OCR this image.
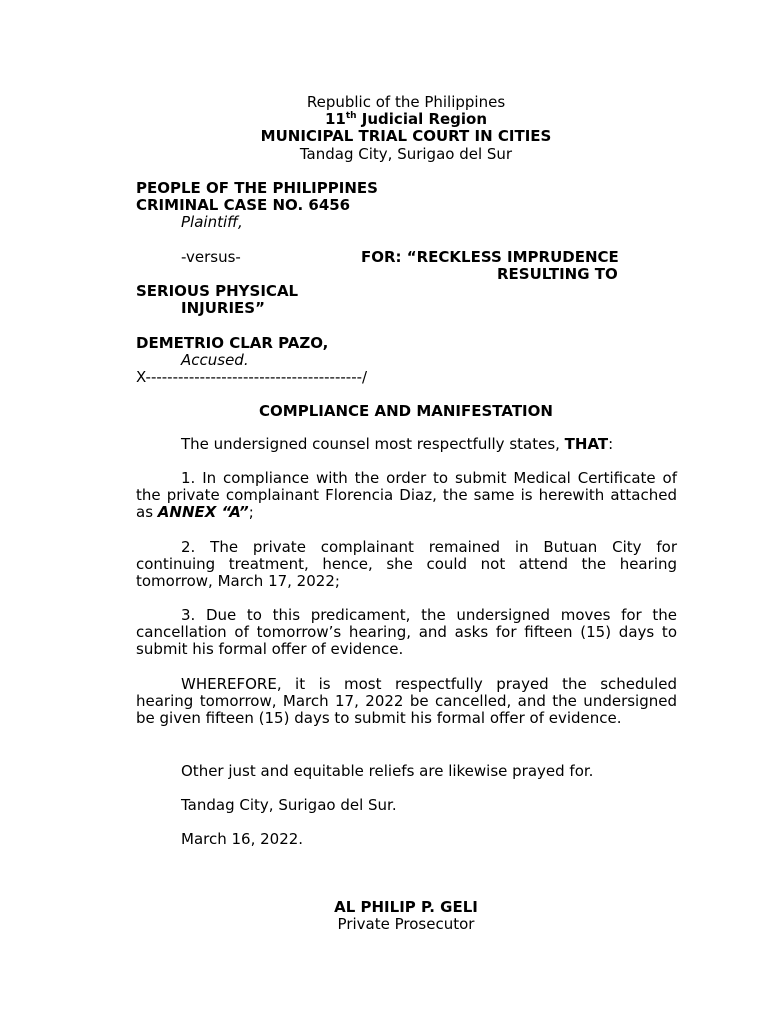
Republic of the Philippines
11th Judicial Region
MUNICIPAL TRIAL COURT IN CITIES
Tandag City, Surigao del Sur
PEOPLE OF THE PHILIPPINES
CRIMINAL CASE NO. 6456
Plaintiff,
-versus-	FOR: “RECKLESS IMPRUDENCE
RESULTING TO
SERIOUS PHYSICAL
INJURIES”
DEMETRIO CLAR PAZO,
Accused.
X----------------------------------------/
COMPLIANCE AND MANIFESTATION
The undersigned counsel most respectfully states, THAT:
1. In compliance with the order to submit Medical Certificate of the private complainant Florencia Diaz, the same is herewith attached as ANNEX “A”;
2. The private complainant remained in Butuan City for continuing treatment, hence, she could not attend the hearing tomorrow, March 17, 2022;
3. Due to this predicament, the undersigned moves for the cancellation of tomorrow’s hearing, and asks for fifteen (15) days to submit his formal offer of evidence.
WHEREFORE, it is most respectfully prayed the scheduled hearing tomorrow, March 17, 2022 be cancelled, and the undersigned be given fifteen (15) days to submit his formal offer of evidence.
Other just and equitable reliefs are likewise prayed for.
Tandag City, Surigao del Sur.
March 16, 2022.
AL PHILIP P. GELI
Private Prosecutor
